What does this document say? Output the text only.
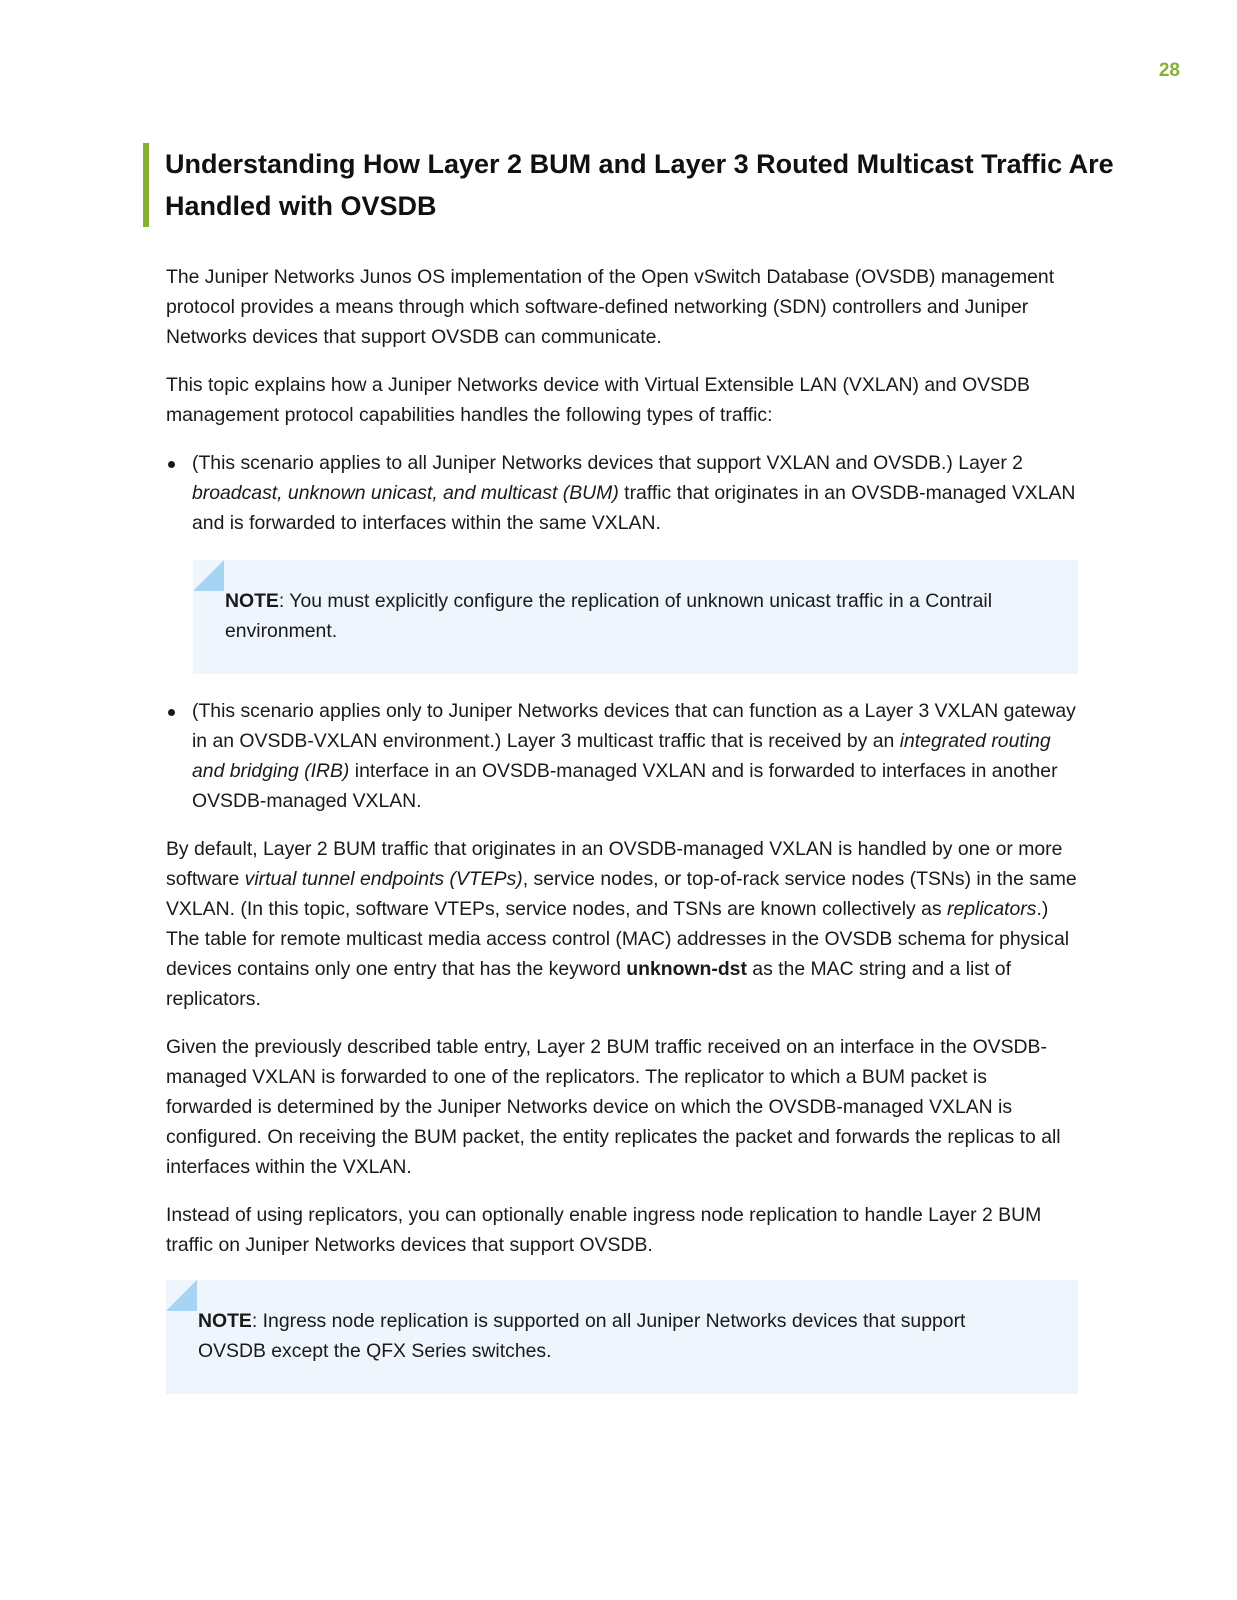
28
Understanding How Layer 2 BUM and Layer 3 Routed Multicast Traffic Are Handled with OVSDB

The Juniper Networks Junos OS implementation of the Open vSwitch Database (OVSDB) management protocol provides a means through which software-defined networking (SDN) controllers and Juniper Networks devices that support OVSDB can communicate.

This topic explains how a Juniper Networks device with Virtual Extensible LAN (VXLAN) and OVSDB management protocol capabilities handles the following types of traffic:

(This scenario applies to all Juniper Networks devices that support VXLAN and OVSDB.) Layer 2 broadcast, unknown unicast, and multicast (BUM) traffic that originates in an OVSDB-managed VXLAN and is forwarded to interfaces within the same VXLAN.
NOTE: You must explicitly configure the replication of unknown unicast traffic in a Contrail environment.
(This scenario applies only to Juniper Networks devices that can function as a Layer 3 VXLAN gateway in an OVSDB-VXLAN environment.) Layer 3 multicast traffic that is received by an integrated routing and bridging (IRB) interface in an OVSDB-managed VXLAN and is forwarded to interfaces in another OVSDB-managed VXLAN.

By default, Layer 2 BUM traffic that originates in an OVSDB-managed VXLAN is handled by one or more software virtual tunnel endpoints (VTEPs), service nodes, or top-of-rack service nodes (TSNs) in the same VXLAN. (In this topic, software VTEPs, service nodes, and TSNs are known collectively as replicators.) The table for remote multicast media access control (MAC) addresses in the OVSDB schema for physical devices contains only one entry that has the keyword unknown-dst as the MAC string and a list of replicators.

Given the previously described table entry, Layer 2 BUM traffic received on an interface in the OVSDB-managed VXLAN is forwarded to one of the replicators. The replicator to which a BUM packet is forwarded is determined by the Juniper Networks device on which the OVSDB-managed VXLAN is configured. On receiving the BUM packet, the entity replicates the packet and forwards the replicas to all interfaces within the VXLAN.

Instead of using replicators, you can optionally enable ingress node replication to handle Layer 2 BUM traffic on Juniper Networks devices that support OVSDB.

NOTE: Ingress node replication is supported on all Juniper Networks devices that support OVSDB except the QFX Series switches.
